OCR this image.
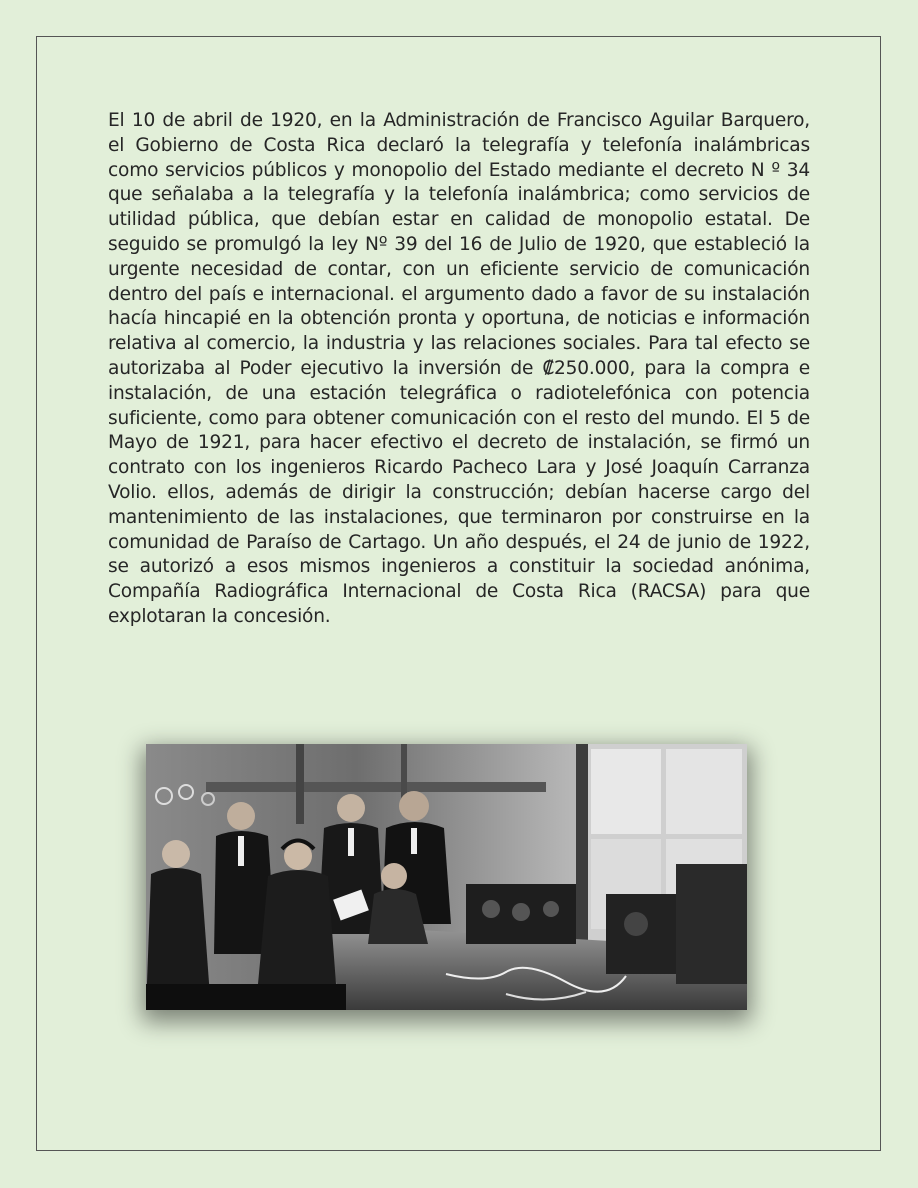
El 10 de abril de 1920, en la Administración de Francisco Aguilar Barquero, el Gobierno de Costa Rica declaró la telegrafía y telefonía inalámbricas como servicios públicos y monopolio del Estado mediante el decreto N º 34 que señalaba a la telegrafía y la telefonía inalámbrica; como servicios de utilidad pública, que debían estar en calidad de monopolio estatal. De seguido se promulgó la ley Nº 39 del 16 de Julio de 1920, que estableció la urgente necesidad de contar, con un eficiente servicio de comunicación dentro del país e internacional. el argumento dado a favor de su instalación hacía hincapié en la obtención pronta y oportuna, de noticias e información relativa al comercio, la industria y las relaciones sociales. Para tal efecto se autorizaba al Poder ejecutivo la inversión de ₡250.000, para la compra e instalación, de una estación telegráfica o radiotelefónica con potencia suficiente, como para obtener comunicación con el resto del mundo. El 5 de Mayo de 1921, para hacer efectivo el decreto de instalación, se firmó un contrato con los ingenieros Ricardo Pacheco Lara y José Joaquín Carranza Volio. ellos, además de dirigir la construcción; debían hacerse cargo del mantenimiento de las instalaciones, que terminaron por construirse en la comunidad de Paraíso de Cartago. Un año después, el 24 de junio de 1922, se autorizó a esos mismos ingenieros a constituir la sociedad anónima, Compañía Radiográfica Internacional de Costa Rica (RACSA) para que explotaran la concesión.
